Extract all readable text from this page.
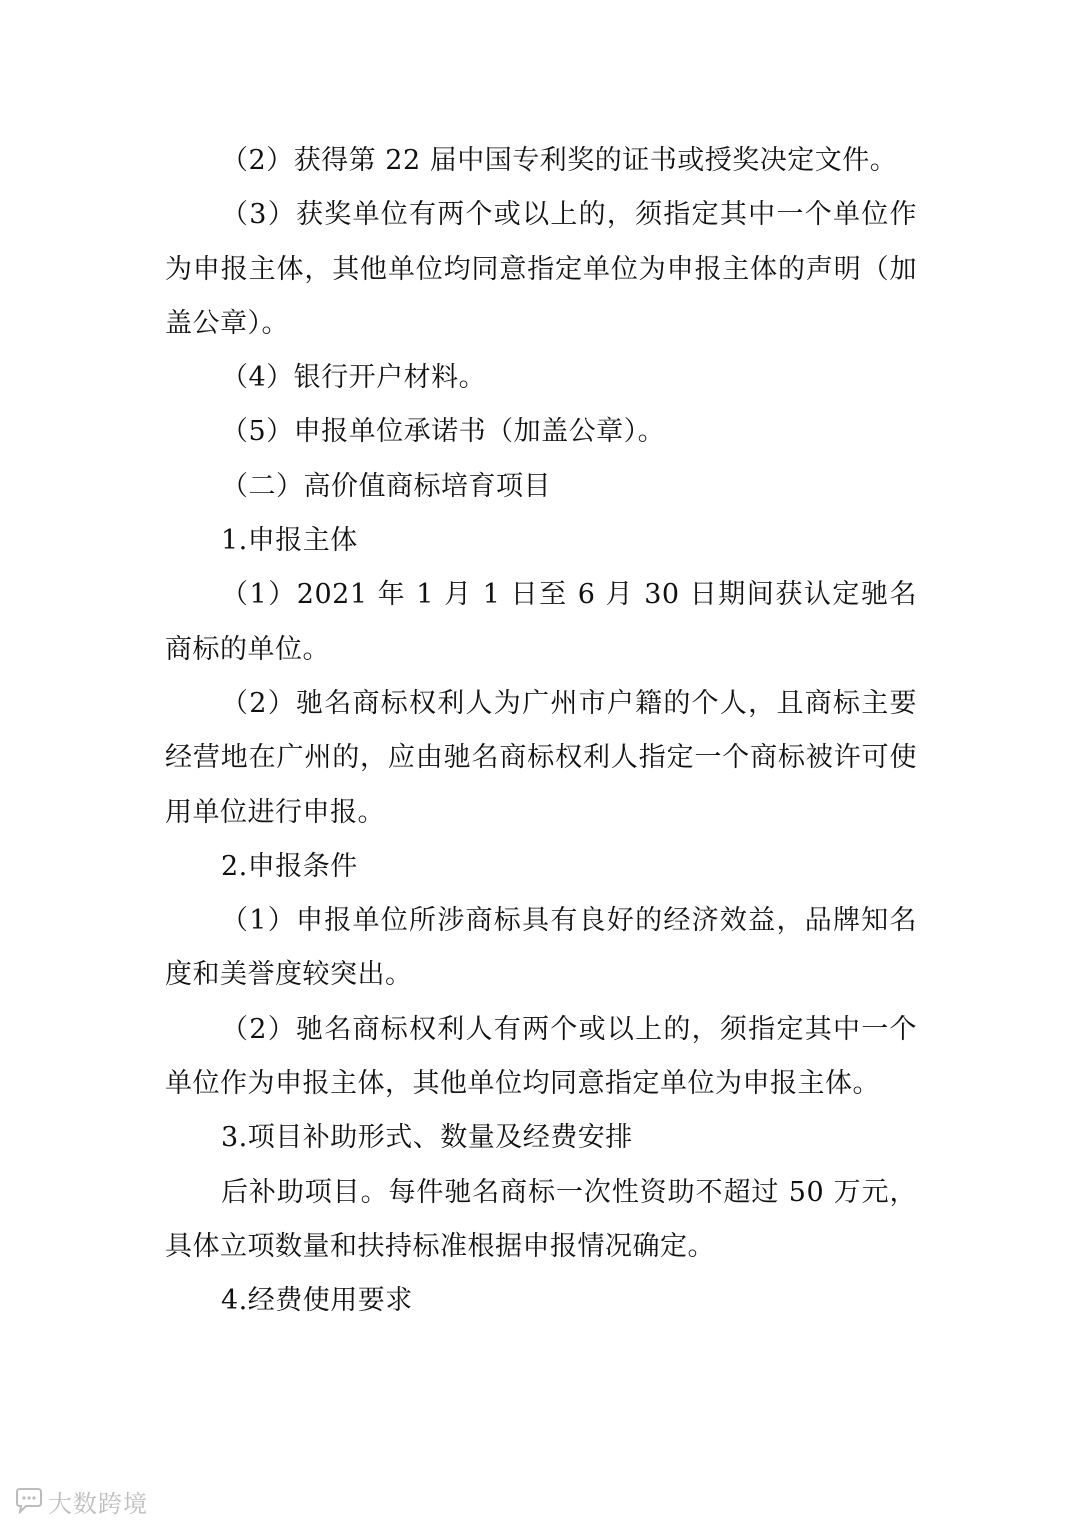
（2）获得第 22 届中国专利奖的证书或授奖决定文件。

（3）获奖单位有两个或以上的，须指定其中一个单位作为申报主体，其他单位均同意指定单位为申报主体的声明（加盖公章）。

（4）银行开户材料。

（5）申报单位承诺书（加盖公章）。

（二）高价值商标培育项目

1.申报主体

（1）2021 年 1 月 1 日至 6 月 30 日期间获认定驰名商标的单位。

（2）驰名商标权利人为广州市户籍的个人，且商标主要经营地在广州的，应由驰名商标权利人指定一个商标被许可使用单位进行申报。

2.申报条件

（1）申报单位所涉商标具有良好的经济效益，品牌知名度和美誉度较突出。

（2）驰名商标权利人有两个或以上的，须指定其中一个单位作为申报主体，其他单位均同意指定单位为申报主体。

3.项目补助形式、数量及经费安排

后补助项目。每件驰名商标一次性资助不超过 50 万元，具体立项数量和扶持标准根据申报情况确定。

4.经费使用要求

大数跨境
